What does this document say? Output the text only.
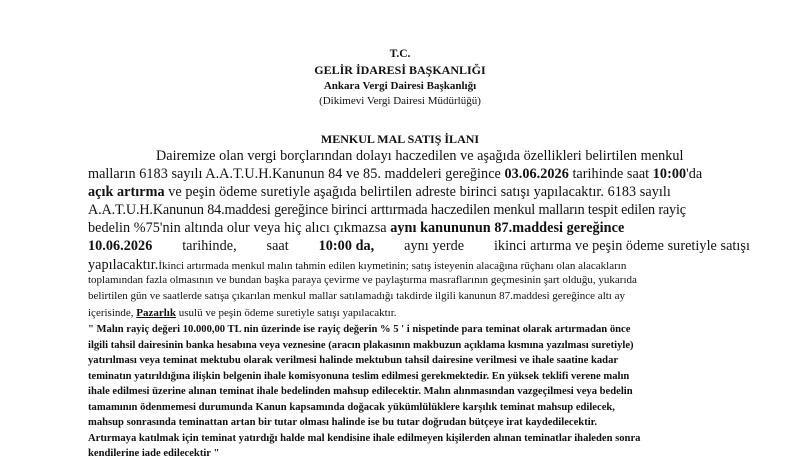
T.C.
GELİR İDARESİ BAŞKANLIĞI
Ankara Vergi Dairesi Başkanlığı
(Dikimevi Vergi Dairesi Müdürlüğü)
MENKUL MAL SATIŞ İLANI
Dairemize olan vergi borçlarından dolayı haczedilen ve aşağıda özellikleri belirtilen menkul
malların 6183 sayılı A.A.T.U.H.Kanunun 84 ve 85. maddeleri gereğince 03.06.2026 tarihinde saat 10:00'da
açık artırma ve peşin ödeme suretiyle aşağıda belirtilen adreste birinci satışı yapılacaktır. 6183 sayılı
A.A.T.U.H.Kanunun 84.maddesi gereğince birinci arttırmada haczedilen menkul malların tespit edilen rayiç
bedelin %75'nin altında olur veya hiç alıcı çıkmazsa aynı kanununun 87.maddesi gereğince
10.06.2026 tarihinde, saat 10:00 da, aynı yerde ikinci artırma ve peşin ödeme suretiyle satışı
yapılacaktır.İkinci artırmada menkul malın tahmin edilen kıymetinin; satış isteyenin alacağına rüçhanı olan alacakların
toplamından fazla olmasının ve bundan başka paraya çevirme ve paylaştırma masraflarının geçmesinin şart olduğu, yukarıda
belirtilen gün ve saatlerde satışa çıkarılan menkul mallar satılamadığı takdirde ilgili kanunun 87.maddesi gereğince altı ay
içerisinde, Pazarlık usulü ve peşin ödeme suretiyle satışı yapılacaktır.
" Malın rayiç değeri 10.000,00 TL nin üzerinde ise rayiç değerin % 5 ' i nispetinde para teminat olarak artırmadan önce
ilgili tahsil dairesinin banka hesabına veya veznesine (aracın plakasının makbuzun açıklama kısmına yazılması suretiyle)
yatırılması veya teminat mektubu olarak verilmesi halinde mektubun tahsil dairesine verilmesi ve ihale saatine kadar
teminatın yatırıldığına ilişkin belgenin ihale komisyonuna teslim edilmesi gerekmektedir. En yüksek teklifi verene malın
ihale edilmesi üzerine alınan teminat ihale bedelinden mahsup edilecektir. Malın alınmasından vazgeçilmesi veya bedelin
tamamının ödenmemesi durumunda Kanun kapsamında doğacak yükümlülüklere karşılık teminat mahsup edilecek,
mahsup sonrasında teminattan artan bir tutar olması halinde ise bu tutar doğrudan bütçeye irat kaydedilecektir.
Artırmaya katılmak için teminat yatırdığı halde mal kendisine ihale edilmeyen kişilerden alınan teminatlar ihaleden sonra
kendilerine iade edilecektir "
